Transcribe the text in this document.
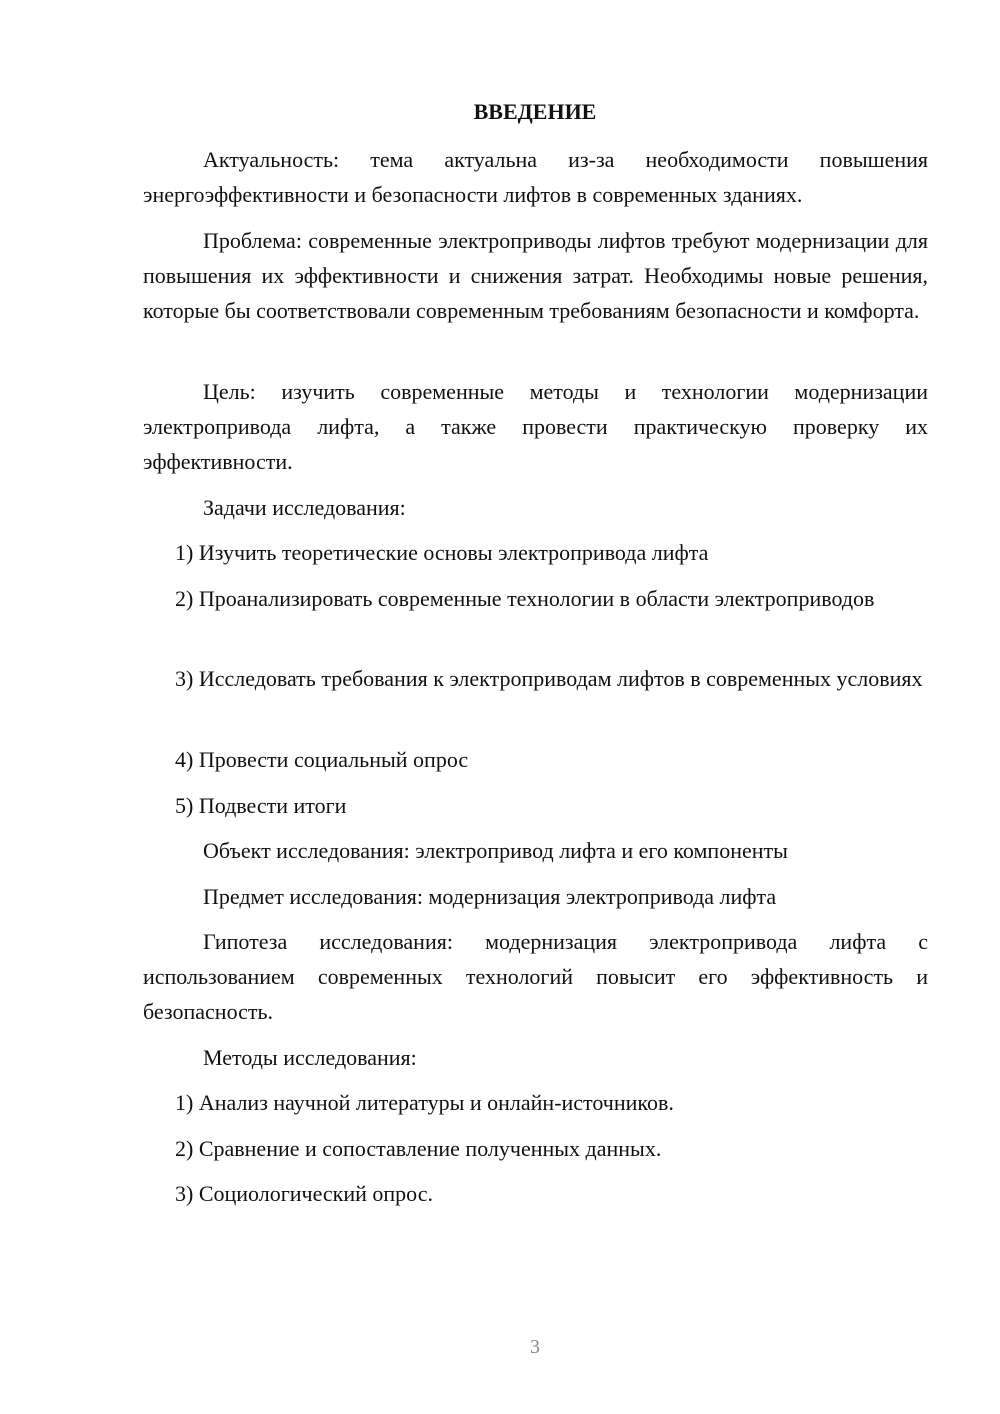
ВВЕДЕНИЕ

Актуальность: тема актуальна из-за необходимости повышения энергоэффективности и безопасности лифтов в современных зданиях.

Проблема: современные электроприводы лифтов требуют модернизации для повышения их эффективности и снижения затрат. Необходимы новые решения, которые бы соответствовали современным требованиям безопасности и комфорта.

Цель: изучить современные методы и технологии модернизации электропривода лифта, а также провести практическую проверку их эффективности.

Задачи исследования:

1) Изучить теоретические основы электропривода лифта

2) Проанализировать современные технологии в области электроприводов

3) Исследовать требования к электроприводам лифтов в современных условиях

4) Провести социальный опрос

5) Подвести итоги

Объект исследования: электропривод лифта и его компоненты

Предмет исследования: модернизация электропривода лифта

Гипотеза исследования: модернизация электропривода лифта с использованием современных технологий повысит его эффективность и безопасность.

Методы исследования:

1) Анализ научной литературы и онлайн-источников.

2) Сравнение и сопоставление полученных данных.

3) Социологический опрос.

3
